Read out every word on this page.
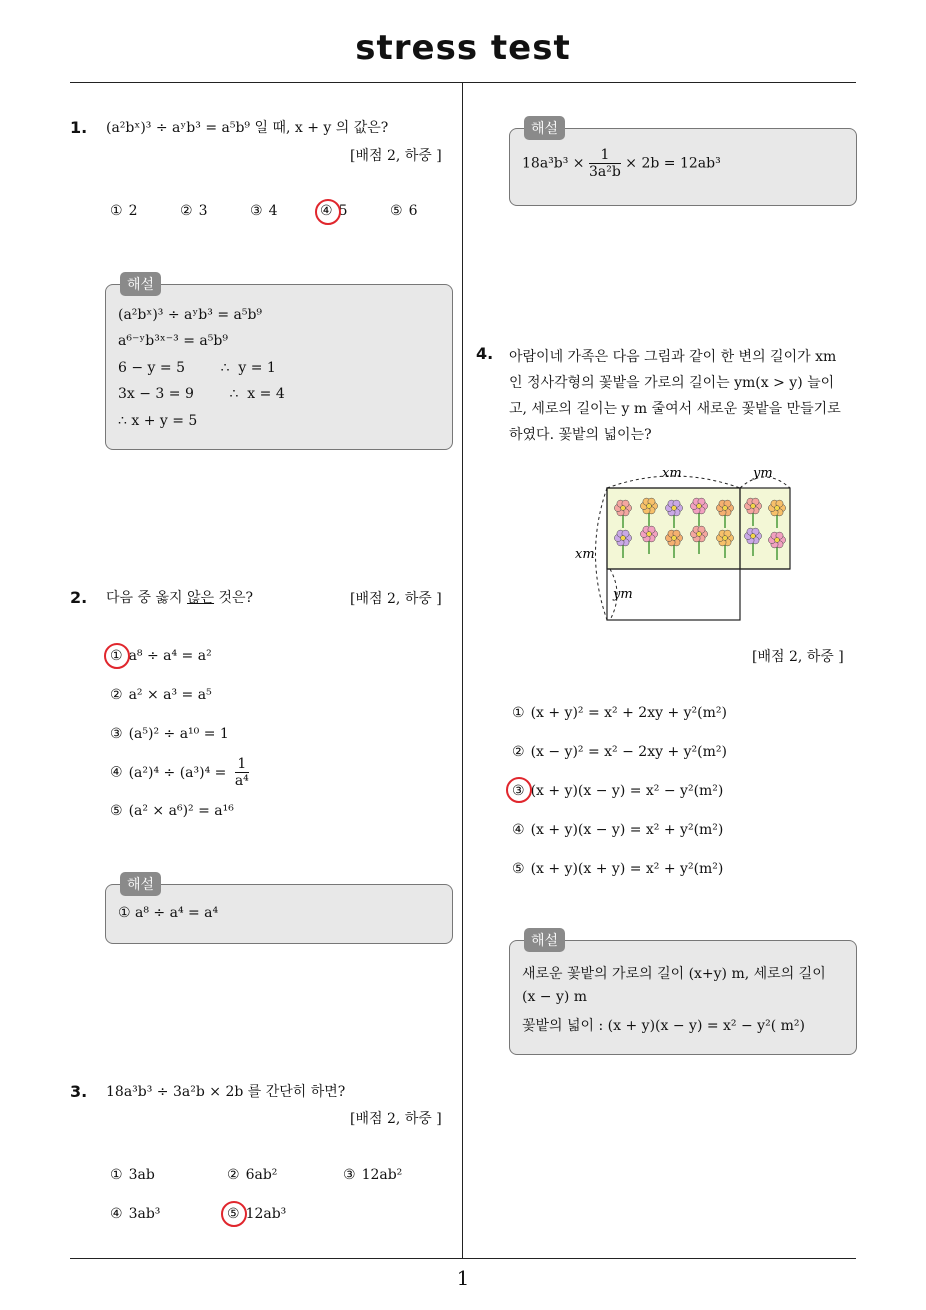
stress test
1
1. (a²bˣ)³ ÷ aʸb³ = a⁵b⁹ 일 때, x + y 의 값은?
[배점 2, 하중 ]
① 2	② 3	③ 4	④ 5	⑤ 6
해설
(a²bˣ)³ ÷ aʸb³ = a⁵b⁹
a⁶⁻ʸb³ˣ⁻³ = a⁵b⁹
6 − y = 5        ∴  y = 1
3x − 3 = 9        ∴  x = 4
∴ x + y = 5
2. 다음 중 옳지 않은 것은?	[배점 2, 하중 ]
① a⁸ ÷ a⁴ = a²
② a² × a³ = a⁵
③ (a⁵)² ÷ a¹⁰ = 1
④ $(a^2)^4 \div (a^3)^4 = \frac{1}{\text{a⁴}}$
⑤ (a² × a⁶)² = a¹⁶
해설
① a⁸ ÷ a⁴ = a⁴
3. 18a³b³ ÷ 3a²b × 2b 를 간단히 하면?
[배점 2, 하중 ]
① 3ab	② 6ab²	③ 12ab²
④ 3ab³	⑤ 12ab³
해설
$18a^3b^3 \times \frac{1}{\text{3a²b}} \times 2b = 12ab^3$
4. 아람이네 가족은 다음 그림과 같이 한 변의 길이가 xm
인 정사각형의 꽃밭을 가로의 길이는 ym(x > y) 늘이
고, 세로의 길이는 y m 줄여서 새로운 꽃밭을 만들기로
하였다. 꽃밭의 넓이는?
xm	ym
xm
ym
[배점 2, 하중 ]
① (x + y)² = x² + 2xy + y²(m²)
② (x − y)² = x² − 2xy + y²(m²)
③ (x + y)(x − y) = x² − y²(m²)
④ (x + y)(x − y) = x² + y²(m²)
⑤ (x + y)(x + y) = x² + y²(m²)
해설
새로운 꽃밭의 가로의 길이 (x+y) m, 세로의 길이
(x − y) m
꽃밭의 넓이 : (x + y)(x − y) = x² − y²( m²)
